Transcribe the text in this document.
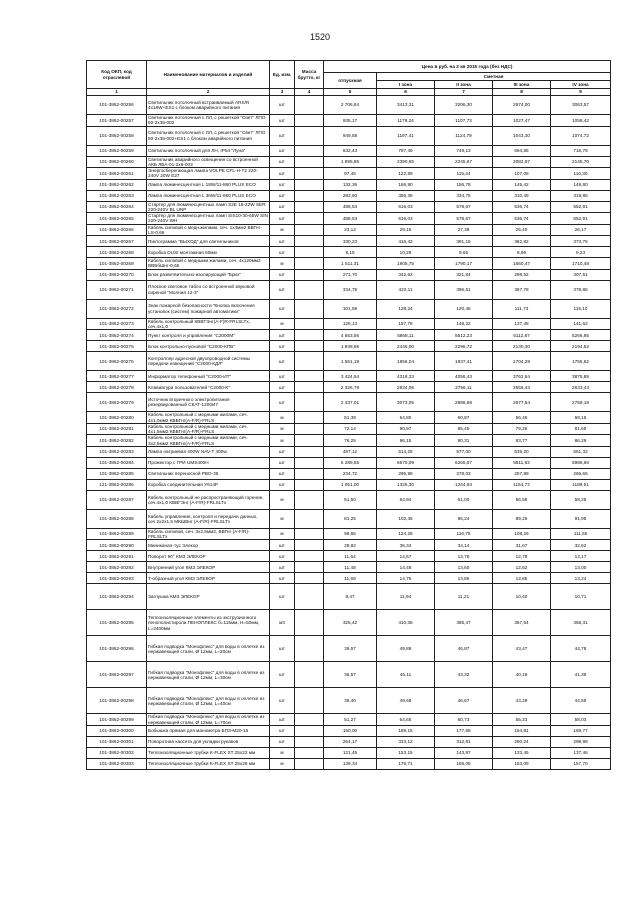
1520
Код ОКП, код отраслевой	Наименование материалов и изделий	Ед. изм.	Масса брутто, кг	Цена в руб. на 2 кв 2015 года (без НДС)				
				отпускная	Сметная			
					I зона	II зона	III зона	IV зона
1	2	3	4	5	6	7	8	9
101-3862-00256	Светильник потолочный встраиваемый ARS/R 4x18W+ES1 с блоком аварийного питания	шт		2 706,84	3413,31	3206,30	2974,00	3063,57
101-3862-00257	Светильник потолочный с ЛЛ, с решеткой "Свет" ЛПО 50-2х36-002	шт		935,17	1179,24	1107,73	1027,47	1058,42
101-3862-00258	Светильник потолочный с ЛЛ, с решеткой "Свет" ЛПО 50-2х36-002+ES1 с блоком аварийного питания	шт		949,58	1197,41	1124,79	1043,30	1074,72
101-3862-00259	Светильник потолочный для ЛН, IP54 "Луна"	шт		632,43	797,49	749,13	694,85	715,78
101-3862-00260	Светильник аварийного освещения со встроенной АКБ ЛБА-01-2х6-003	шт		1 895,85	2390,65	2245,67	2082,97	2145,70
101-3862-00261	Энергосберегающая лампа VOLPE CFL-H-T2 220-240V 20W E27	шт		97,46	122,89	115,44	107,08	110,30
101-3862-00262	Лампа люминесцентная L 18W/11-860 PLUS ECO	шт		132,36	166,90	156,78	145,42	149,80
101-3862-00263	Лампа люминесцентная L 36W/11-860 PLUS ECO	шт		282,60	356,36	334,75	310,49	319,85
101-3862-00264	Стартер для люминесцентных ламп S2E 18-22W SER 220-240V BL UNP	шт		488,53	616,03	578,67	536,74	552,91
101-3862-00265	Стартер для люминесцентных ламп SIS10-30-65W SIN 220-240V WH	шт		488,53	616,03	578,67	536,74	552,91
101-3862-00266	Кабель силовой с медн.жилами, сеч. 1х4мм2 ВВГнг-LS-0,66	м		23,12	29,15	27,38	25,40	26,17
101-3862-00267	Пиктограмма "ВЫХОД" для светильников	шт		330,23	416,42	391,16	362,82	373,75
101-3862-00268	Коробка DUSI монтажная 60мм	шт		8,15	10,28	9,65	8,96	9,23
101-3862-00269	Кабель силовой с медными жилами, сеч. 4х120мм2 ВВБбШнг-0,66	м		1 511,31	1905,75	1790,17	1660,47	1710,48
101-3862-00270	Блок разветвительно-изолирующий "Бриз"	шт		271,70	342,62	321,84	298,52	307,51
101-3862-00271	Плоское световое табло со встроенной звуковой сиреной "Молния 12-3"	шт		334,75	422,11	396,51	367,78	378,86
101-3862-00272	Знак пожарной безопасности "Кнопка включения установок (систем) пожарной автоматики"	шт		101,59	128,24	120,46	111,73	115,10
101-3862-00273	Кабель контрольный КВВГЭнг(A-F)R-FRLSLTx, сеч.4х1,0	м		125,13	157,78	148,22	137,48	141,62
101-3862-00274	Пункт контроля и управления "С2000М"	шт		4 653,56	5868,11	5512,23	5112,87	5266,85
101-3862-00275	Блок контрольно-пусковой "С2000-КПБ"	шт		1 938,95	2445,00	2296,72	2130,30	2194,52
101-3862-00276	Контроллер адресной двухпроводной системы передачи извещений "С2000-КДЛ"	шт		1 551,19	1956,04	1837,41	1704,29	1755,62
101-3862-00277	Информатор телефонный "С2000-ИТ"	шт		3 424,54	4318,33	4056,43	3762,54	3875,85
101-3862-00278	Клавиатура пользователей "С2000-К"	шт		2 326,78	2934,05	2756,11	2556,43	2633,43
101-3862-00279	Источник вторичного электропитания резервированный СКАТ-1200И7	шт		2 437,01	3073,05	2886,68	2677,54	2758,18
101-3862-00280	Кабель контрольный с медными жилами, сеч. 4х1,0мм2 КВВГнг(A-F/R)-FRLS	м		51,39	64,80	60,87	56,46	58,16
101-3862-00281	Кабель контрольный с медными жилами, сеч. 4х1,5мм2 КВВГнг(A-F/R)-FRLS	м		72,14	90,97	85,45	79,26	81,65
101-3862-00282	Кабель контрольный с медными жилами, сеч. 3х2,5мм2 КВВГнг(A-F/R)-FRLS	м		76,25	96,15	90,31	83,77	86,29
101-3862-00283	Лампа натриевая 400W NAV-T 400w	шт		487,12	614,25	577,00	535,20	551,32
101-3862-00284	Прожектор с ГРИ UMS400H	шт		5 289,55	6670,09	6265,57	5811,63	5986,66
101-3862-00285	Светильник переносной РВО-36	шт		234,72	295,98	278,03	257,89	265,65
121-3862-00286	Коробка соединительная У614Р	шт		1 051,00	1325,30	1244,93	1154,73	1189,51
101-3862-00287	Кабель контрольный не распространяющий горение, сеч.4х1,0 КВВГЭнг (A-F/R)-FRLSLTx	м		51,50	64,94	61,00	56,58	58,29
101-3862-00288	Кабель управления, контроля и передачи данных, сеч.2х2х1,5 МКШВнг (A-F/R)-FRLSLTx	м		81,25	102,45	96,24	89,26	91,95
101-3862-00289	Кабель силовой, сеч. 3х2,5мм2, ВВГнг (A-F/R)-FRLSLTx	м		98,56	124,28	116,75	108,29	111,55
101-3862-00290	Миниканал-тус Элекор	шт		28,82	36,34	34,14	31,67	32,62
101-3862-00291	Поворот 90° КМЗ ЭЛЕКОР	шт		11,64	14,67	13,78	12,78	13,17
101-3862-00292	Внутренний угол КМЗ ЭЛЕКОР	шт		11,48	14,48	13,60	12,62	13,00
101-3862-00293	Т-образный угол КМЗ ЭЛЕКОР	шт		11,69	14,75	13,86	12,85	13,24
101-3862-00294	Заглушка КМЗ ЭЛЕКОР	шт		9,47	11,94	11,21	10,40	10,71
101-3862-00295	Теплоизоляционные элементы из экструзионного пенополистирола ПЕНОПЛЕКС б=115мм, H=50мм, L=2400мм	м3		325,42	410,36	385,47	357,54	368,31
101-3862-00296	Гибкая подводка "Монофлекс" для воды в оплетке из нержавеющей стали, Ø 12мм, L=20см	шт		39,57	49,89	46,87	43,47	44,78
101-3862-00297	Гибкая подводка "Монофлекс" для воды в оплетке из нержавеющей стали, Ø 12мм, L=30см	шт		36,57	46,11	43,32	40,18	41,39
101-3862-00298	Гибкая подводка "Монофлекс" для воды в оплетке из нержавеющей стали, Ø 12мм, L=40см	шт		39,40	49,68	46,67	43,29	44,59
101-3862-00299	Гибкая подводка "Монофлекс" для воды в оплетке из нержавеющей стали, Ø 12мм, L=70см	шт		51,27	64,65	60,73	56,33	58,03
101-3862-00300	Бобышка прямая для манометра БПЗ-М20-15	шт		150,00	189,15	177,68	164,81	169,77
101-3862-00301	Поворотная кассета для укладки рукавов	шт		264,17	333,12	312,91	290,24	298,98
101-3862-00302	Теплоизоляционные трубки K-FLEX ST 25х22 мм	м		121,45	153,15	143,87	133,45	137,46
101-3862-00303	Теплоизоляционные трубки K-FLEX ST 25х28 мм	м		139,34	175,71	165,05	153,09	157,70
